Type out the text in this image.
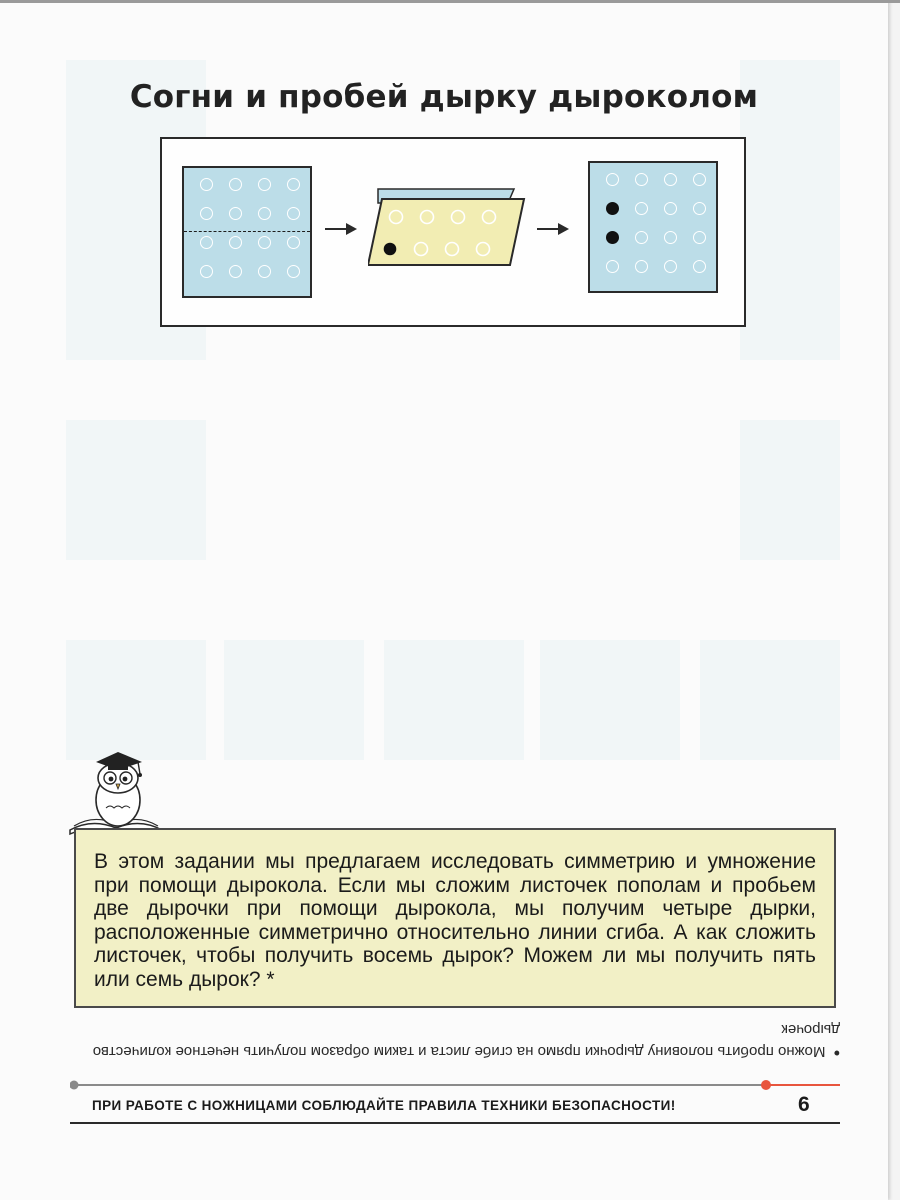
Согни и пробей дырку дыроколом

В этом задании мы предлагаем исследовать симметрию и умножение при помощи дырокола. Если мы сложим листочек пополам и пробьем две дырочки при помощи дырокола, мы получим четыре дырки, расположенные симметрично относительно линии сгиба. А как сложить листочек, чтобы получить восемь дырок? Можем ли мы получить пять или семь дырок? *

• Можно пробить половину дырочки прямо на сгибе листа и таким образом получить нечетное количество дырочек
ПРИ РАБОТЕ С НОЖНИЦАМИ СОБЛЮДАЙТЕ ПРАВИЛА ТЕХНИКИ БЕЗОПАСНОСТИ!	6
